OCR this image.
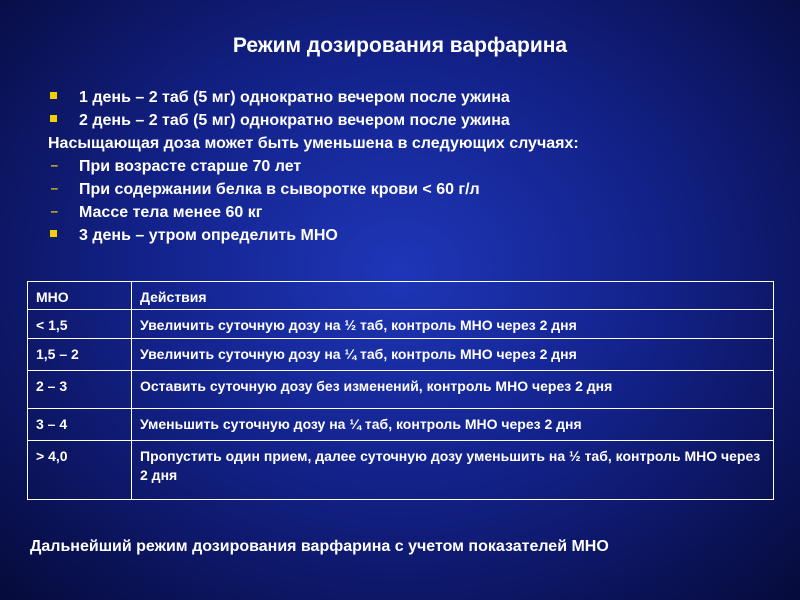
Режим дозирования варфарина
1 день – 2 таб (5 мг) однократно вечером после ужина
2 день – 2 таб (5 мг) однократно вечером после ужина
Насыщающая доза может быть уменьшена в следующих случаях:
‒ При возрасте старше 70 лет
‒ При содержании белка в сыворотке крови < 60 г/л
‒ Массе тела менее 60 кг
3 день – утром определить МНО
МНО	Действия
< 1,5	Увеличить суточную дозу на ½ таб, контроль МНО через 2 дня
1,5 – 2	Увеличить суточную дозу на ¼ таб, контроль МНО через 2 дня
2 – 3	Оставить суточную дозу без изменений, контроль МНО через 2 дня
3 – 4	Уменьшить суточную дозу на ¼ таб, контроль МНО через 2 дня
> 4,0	Пропустить один прием, далее суточную дозу уменьшить на ½ таб, контроль МНО через 2 дня
Дальнейший режим дозирования варфарина с учетом показателей МНО
